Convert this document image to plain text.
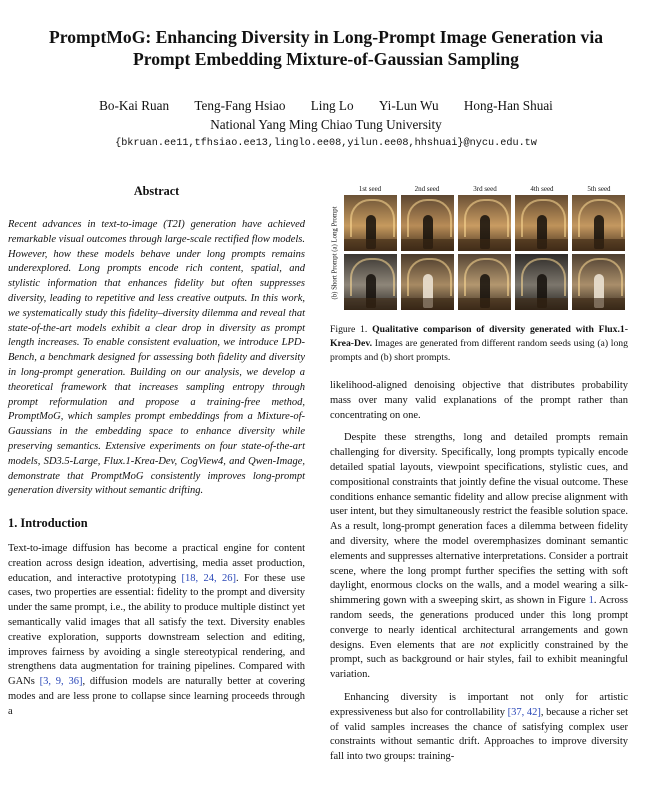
PromptMoG: Enhancing Diversity in Long-Prompt Image Generation via
Prompt Embedding Mixture-of-Gaussian Sampling
Bo-Kai Ruan Teng-Fang Hsiao Ling Lo Yi-Lun Wu Hong-Han Shuai
National Yang Ming Chiao Tung University
{bkruan.ee11,tfhsiao.ee13,linglo.ee08,yilun.ee08,hhshuai}@nycu.edu.tw
Abstract

Recent advances in text-to-image (T2I) generation have achieved remarkable visual outcomes through large-scale rectified flow models. However, how these models behave under long prompts remains underexplored. Long prompts encode rich content, spatial, and stylistic information that enhances fidelity but often suppresses diversity, leading to repetitive and less creative outputs. In this work, we systematically study this fidelity–diversity dilemma and reveal that state-of-the-art models exhibit a clear drop in diversity as prompt length increases. To enable consistent evaluation, we introduce LPD-Bench, a benchmark designed for assessing both fidelity and diversity in long-prompt generation. Building on our analysis, we develop a theoretical framework that increases sampling entropy through prompt reformulation and propose a training-free method, PromptMoG, which samples prompt embeddings from a Mixture-of-Gaussians in the embedding space to enhance diversity while preserving semantics. Extensive experiments on four state-of-the-art models, SD3.5-Large, Flux.1-Krea-Dev, CogView4, and Qwen-Image, demonstrate that PromptMoG consistently improves long-prompt generation diversity without semantic drifting.

1. Introduction

Text-to-image diffusion has become a practical engine for content creation across design ideation, advertising, media asset production, education, and interactive prototyping [18, 24, 26]. For these use cases, two properties are essential: fidelity to the prompt and diversity under the same prompt, i.e., the ability to produce multiple distinct yet semantically valid images that all satisfy the text. Diversity enables creative exploration, supports downstream selection and editing, improves fairness by avoiding a single stereotypical rendering, and strengthens data augmentation for training pipelines. Compared with GANs [3, 9, 36], diffusion models are naturally better at covering modes and are less prone to collapse since learning proceeds through a

1st seed	2nd seed	3rd seed	4th seed	5th seed
(b) Short Prompt (a) Long Prompt
Figure 1. Qualitative comparison of diversity generated with Flux.1-Krea-Dev. Images are generated from different random seeds using (a) long prompts and (b) short prompts.

likelihood-aligned denoising objective that distributes probability mass over many valid explanations of the prompt rather than concentrating on one.

Despite these strengths, long and detailed prompts remain challenging for diversity. Specifically, long prompts typically encode detailed spatial layouts, viewpoint specifications, stylistic cues, and compositional constraints that jointly define the visual outcome. These conditions enhance semantic fidelity and allow precise alignment with user intent, but they simultaneously restrict the feasible solution space. As a result, long-prompt generation faces a dilemma between fidelity and diversity, where the model overemphasizes dominant semantic elements and suppresses alternative interpretations. Consider a portrait scene, where the long prompt further specifies the setting with soft daylight, enormous clocks on the walls, and a model wearing a silk-shimmering gown with a sweeping skirt, as shown in Figure 1. Across random seeds, the generations produced under this long prompt converge to nearly identical architectural arrangements and gown designs. Even elements that are not explicitly constrained by the prompt, such as background or hair styles, fail to exhibit meaningful variation.

Enhancing diversity is important not only for artistic expressiveness but also for controllability [37, 42], because a richer set of valid samples increases the chance of satisfying complex user constraints without semantic drift. Approaches to improve diversity fall into two groups: training-
